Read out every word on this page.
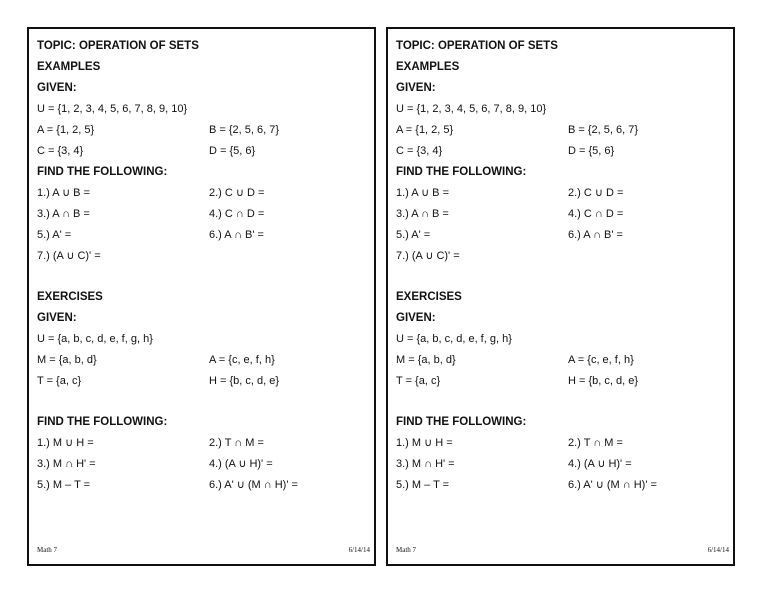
TOPIC: OPERATION OF SETS
EXAMPLES
GIVEN:
U = {1, 2, 3, 4, 5, 6, 7, 8, 9, 10}
A = {1, 2, 5}	B = {2, 5, 6, 7}
C = {3, 4}	D = {5, 6}
FIND THE FOLLOWING:
1.) A ∪ B =	2.) C ∪ D =
3.) A ∩ B =	4.) C ∩ D =
5.) A' =	6.) A ∩ B' =
7.) (A ∪ C)' =
EXERCISES
GIVEN:
U = {a, b, c, d, e, f, g, h}
M = {a, b, d}	A = {c, e, f, h}
T = {a, c}	H = {b, c, d, e}
FIND THE FOLLOWING:
1.) M ∪ H =	2.) T ∩ M =
3.) M ∩ H' =	4.) (A ∪ H)' =
5.) M – T =	6.) A' ∪ (M ∩ H)' =
Math 7	6/14/14
TOPIC: OPERATION OF SETS
EXAMPLES
GIVEN:
U = {1, 2, 3, 4, 5, 6, 7, 8, 9, 10}
A = {1, 2, 5}	B = {2, 5, 6, 7}
C = {3, 4}	D = {5, 6}
FIND THE FOLLOWING:
1.) A ∪ B =	2.) C ∪ D =
3.) A ∩ B =	4.) C ∩ D =
5.) A' =	6.) A ∩ B' =
7.) (A ∪ C)' =
EXERCISES
GIVEN:
U = {a, b, c, d, e, f, g, h}
M = {a, b, d}	A = {c, e, f, h}
T = {a, c}	H = {b, c, d, e}
FIND THE FOLLOWING:
1.) M ∪ H =	2.) T ∩ M =
3.) M ∩ H' =	4.) (A ∪ H)' =
5.) M – T =	6.) A' ∪ (M ∩ H)' =
Math 7	6/14/14
